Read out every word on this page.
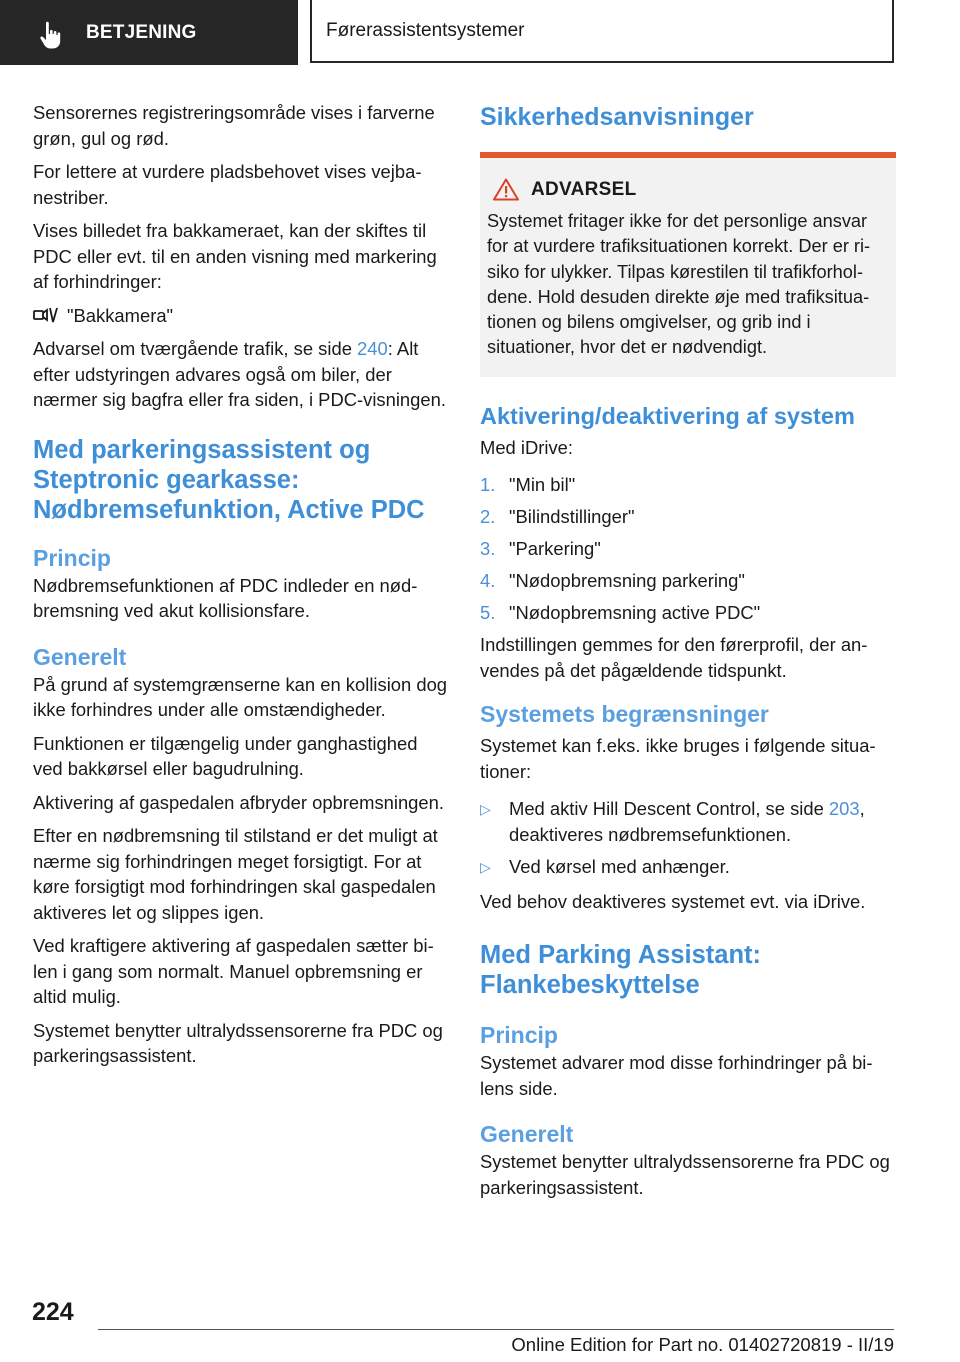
BETJENING	Førerassistentsystemer

Sensorernes registreringsområde vises i farverne grøn, gul og rød.

For lettere at vurdere pladsbehovet vises vejbanestriber.

Vises billedet fra bakkameraet, kan der skiftes til PDC eller evt. til en anden visning med markering af forhindringer:

"Bakkamera"

Advarsel om tværgående trafik, se side 240: Alt efter udstyringen advares også om biler, der nærmer sig bagfra eller fra siden, i PDC-visningen.

Med parkeringsassistent og Steptronic gearkasse: Nødbremsefunktion, Active PDC
Princip

Nødbremsefunktionen af PDC indleder en nødbremsning ved akut kollisionsfare.

Generelt

På grund af systemgrænserne kan en kollision dog ikke forhindres under alle omstændigheder.

Funktionen er tilgængelig under ganghastighed ved bakkørsel eller bagudrulning.

Aktivering af gaspedalen afbryder opbremsningen.

Efter en nødbremsning til stilstand er det muligt at nærme sig forhindringen meget forsigtigt. For at køre forsigtigt mod forhindringen skal gaspedalen aktiveres let og slippes igen.

Ved kraftigere aktivering af gaspedalen sætter bilen i gang som normalt. Manuel opbremsning er altid mulig.

Systemet benytter ultralydssensorerne fra PDC og parkeringsassistent.

Sikkerhedsanvisninger
ADVARSEL

Systemet fritager ikke for det personlige ansvar for at vurdere trafiksituationen korrekt. Der er risiko for ulykker. Tilpas kørestilen til trafikforholdene. Hold desuden direkte øje med trafiksituationen og bilens omgivelser, og grib ind i situationer, hvor det er nødvendigt.

Aktivering/deaktivering af system

Med iDrive:

1. "Min bil"
2. "Bilindstillinger"
3. "Parkering"
4. "Nødopbremsning parkering"
5. "Nødopbremsning active PDC"

Indstillingen gemmes for den førerprofil, der anvendes på det pågældende tidspunkt.

Systemets begrænsninger

Systemet kan f.eks. ikke bruges i følgende situationer:

▷ Med aktiv Hill Descent Control, se side 203, deaktiveres nødbremsefunktionen.
▷ Ved kørsel med anhænger.

Ved behov deaktiveres systemet evt. via iDrive.

Med Parking Assistant: Flankebeskyttelse
Princip

Systemet advarer mod disse forhindringer på bilens side.

Generelt

Systemet benytter ultralydssensorerne fra PDC og parkeringsassistent.

224
Online Edition for Part no. 01402720819 - II/19
